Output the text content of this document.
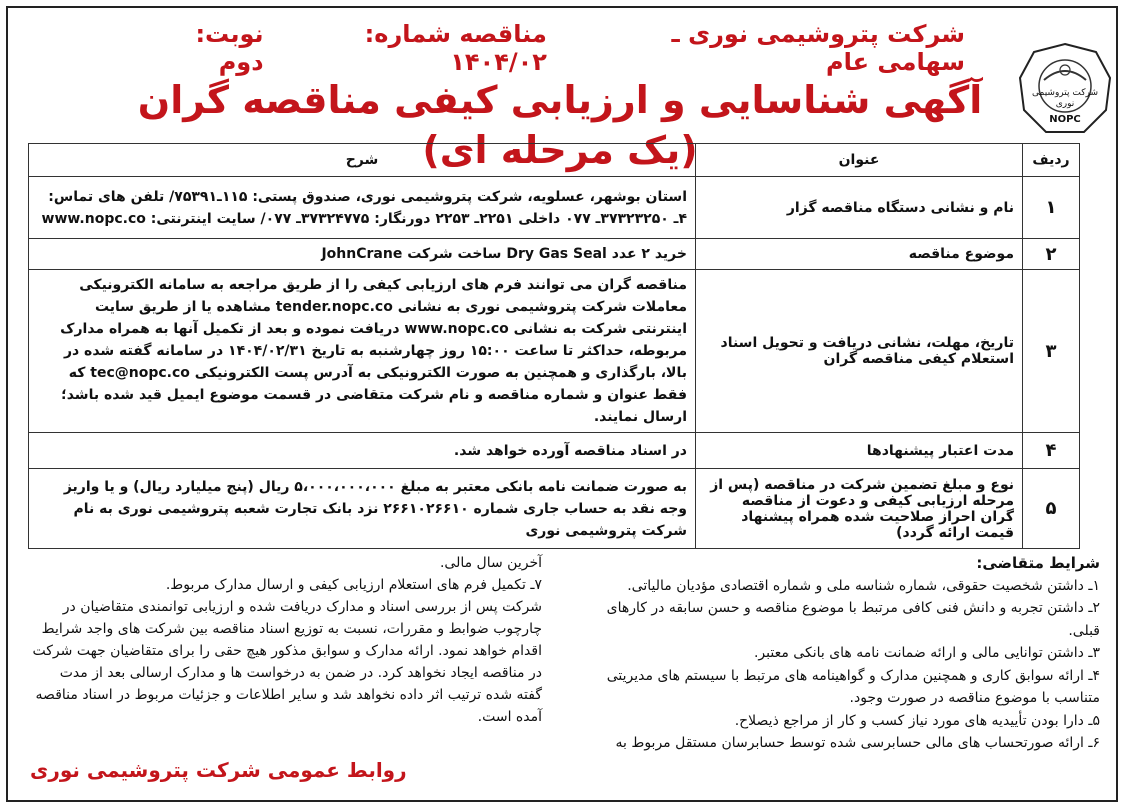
شرکت پتروشیمی نوری
NOPC
شرکت پتروشیمی نوری ـ سهامی عام
مناقصه شماره: ۱۴۰۴/۰۲
نوبت: دوم
آگهی شناسایی و ارزیابی کیفی مناقصه گران (یک مرحله ای)	ردیف	عنوان	شرح
۱	نام و نشانی دستگاه مناقصه گزار	استان بوشهر، عسلویه، شرکت پتروشیمی نوری، صندوق پستی: ۱۱۵ـ۷۵۳۹۱/ تلفن های تماس: ۴ـ ۳۷۳۲۳۲۵۰ـ ۰۷۷ داخلی ۲۲۵۱ـ ۲۲۵۳ دورنگار: ۳۷۳۲۴۷۷۵ـ ۰۷۷/ سایت اینترنتی: www.nopc.co
۲	موضوع مناقصه	خرید ۲ عدد Dry Gas Seal ساخت شرکت JohnCrane
۳	تاریخ، مهلت، نشانی دریافت و تحویل اسناد استعلام کیفی مناقصه گران	مناقصه گران می توانند فرم های ارزیابی کیفی را از طریق مراجعه به سامانه الکترونیکی معاملات شرکت پتروشیمی نوری به نشانی tender.nopc.co مشاهده یا از طریق سایت اینترنتی شرکت به نشانی www.nopc.co دریافت نموده و بعد از تکمیل آنها به همراه مدارک مربوطه، حداکثر تا ساعت ۱۵:۰۰ روز چهارشنبه به تاریخ ۱۴۰۴/۰۲/۳۱ در سامانه گفته شده در بالا، بارگذاری و همچنین به صورت الکترونیکی به آدرس پست الکترونیکی tec@nopc.co که فقط عنوان و شماره مناقصه و نام شرکت متقاضی در قسمت موضوع ایمیل قید شده باشد؛ ارسال نمایند.
۴	مدت اعتبار پیشنهادها	در اسناد مناقصه آورده خواهد شد.
۵	نوع و مبلغ تضمین شرکت در مناقصه (پس از مرحله ارزیابی کیفی و دعوت از مناقصه گران احراز صلاحیت شده همراه پیشنهاد قیمت ارائه گردد)	به صورت ضمانت نامه بانکی معتبر به مبلغ ۵،۰۰۰،۰۰۰،۰۰۰ ریال (پنج میلیارد ریال) و یا واریز وجه نقد به حساب جاری شماره ۲۶۶۱۰۲۶۶۱۰ نزد بانک تجارت شعبه پتروشیمی نوری به نام شرکت پتروشیمی نوری

شرایط متقاضی:

۱ـ داشتن شخصیت حقوقی، شماره شناسه ملی و شماره اقتصادی مؤدیان مالیاتی.

۲ـ داشتن تجربه و دانش فنی کافی مرتبط با موضوع مناقصه و حسن سابقه در کارهای قبلی.

۳ـ داشتن توانایی مالی و ارائه ضمانت نامه های بانکی معتبر.

۴ـ ارائه سوابق کاری و همچنین مدارک و گواهینامه های مرتبط با سیستم های مدیریتی متناسب با موضوع مناقصه در صورت وجود.

۵ـ دارا بودن تأییدیه های مورد نیاز کسب و کار از مراجع ذیصلاح.

۶ـ ارائه صورتحساب های مالی حسابرسی شده توسط حسابرسان مستقل مربوط به

آخرین سال مالی.

۷ـ تکمیل فرم های استعلام ارزیابی کیفی و ارسال مدارک مربوط.

شرکت پس از بررسی اسناد و مدارک دریافت شده و ارزیابی توانمندی متقاضیان در چارچوب ضوابط و مقررات، نسبت به توزیع اسناد مناقصه بین شرکت های واجد شرایط اقدام خواهد نمود. ارائه مدارک و سوابق مذکور هیچ حقی را برای متقاضیان جهت شرکت در مناقصه ایجاد نخواهد کرد. در ضمن به درخواست ها و مدارک ارسالی بعد از مدت گفته شده ترتیب اثر داده نخواهد شد و سایر اطلاعات و جزئیات مربوط در اسناد مناقصه آمده است.

روابط عمومی شرکت پتروشیمی نوری
